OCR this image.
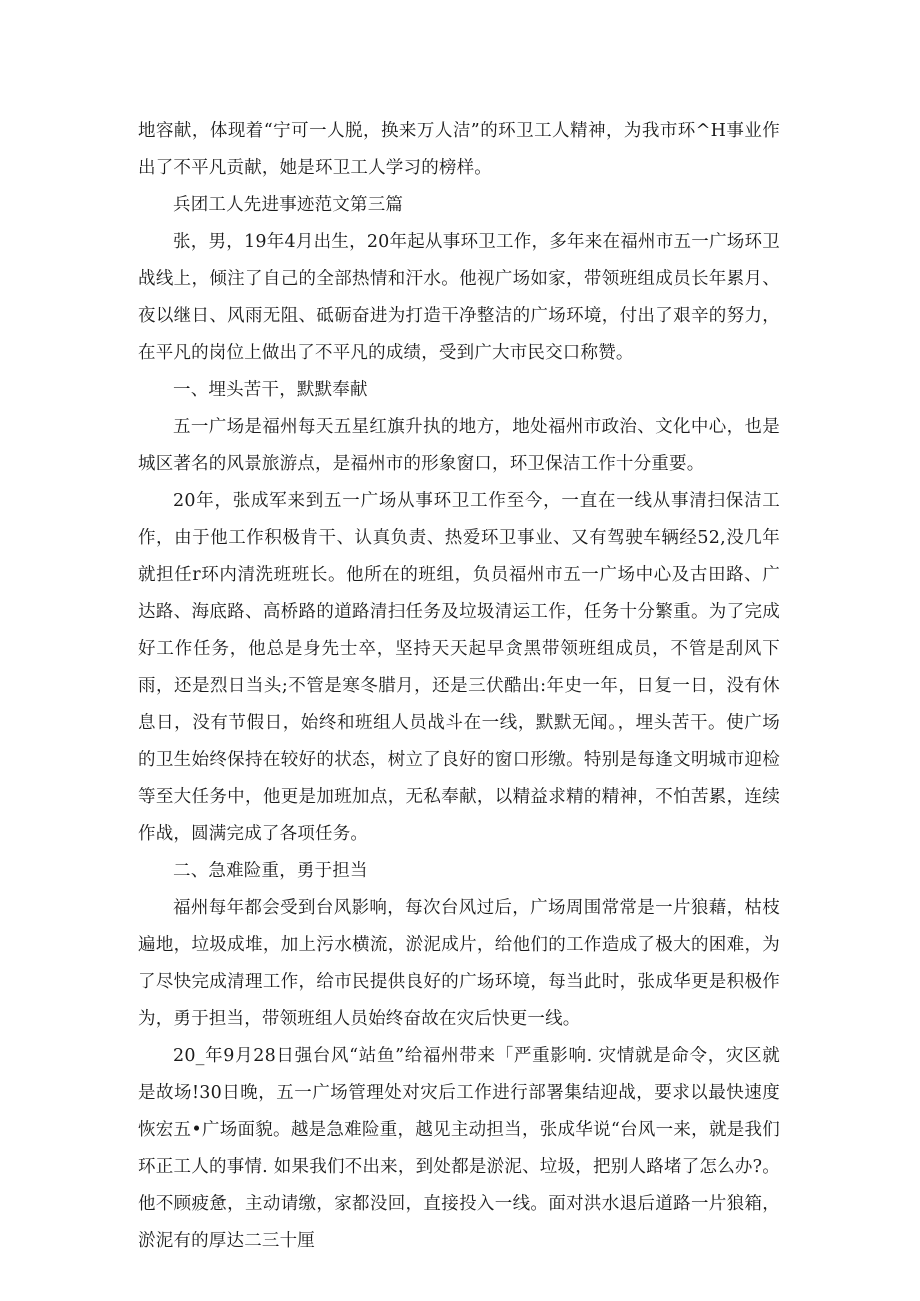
地容献，体现着“宁可一人脱，换来万人洁”的环卫工人精神，为我市环^H事业作出了不平凡贡献，她是环卫工人学习的榜样。

兵团工人先进事迹范文第三篇

张，男，19年4月出生，20年起从事环卫工作，多年来在福州市五一广场环卫战线上，倾注了自己的全部热情和汗水。他视广场如家，带领班组成员长年累月、夜以继日、风雨无阻、砥砺奋进为打造干净整洁的广场环境，付出了艰辛的努力，在平凡的岗位上做出了不平凡的成绩，受到广大市民交口称赞。

一、埋头苦干，默默奉献

五一广场是福州每天五星红旗升执的地方，地处福州市政治、文化中心，也是城区著名的风景旅游点，是福州市的形象窗口，环卫保洁工作十分重要。

20年，张成军来到五一广场从事环卫工作至今，一直在一线从事清扫保洁工作，由于他工作积极肯干、认真负责、热爱环卫事业、又有驾驶车辆经52,没几年就担任r环内清洗班班长。他所在的班组，负员福州市五一广场中心及古田路、广达路、海底路、高桥路的道路清扫任务及垃圾清运工作，任务十分繁重。为了完成好工作任务，他总是身先士卒，坚持天天起早贪黑带领班组成员，不管是刮风下雨，还是烈日当头;不管是寒冬腊月，还是三伏酷出:年史一年，日复一日，没有休息日，没有节假日，始终和班组人员战斗在一线，默默无闻。，埋头苦干。使广场的卫生始终保持在较好的状态，树立了良好的窗口形缴。特别是每逢文明城市迎检等至大任务中，他更是加班加点，无私奉献，以精益求精的精神，不怕苦累，连续作战，圆满完成了各项任务。

二、急难险重，勇于担当

福州每年都会受到台风影响，每次台风过后，广场周围常常是一片狼藉，枯枝遍地，垃圾成堆，加上污水横流，淤泥成片，给他们的工作造成了极大的困难，为了尽快完成清理工作，给市民提供良好的广场环境，每当此时，张成华更是积极作为，勇于担当，带领班组人员始终奋故在灾后快更一线。

20_年9月28日强台风“站鱼”给福州带来「严重影响. 灾情就是命令，灾区就是故场!30日晚，五一广场管理处对灾后工作进行部署集结迎战，要求以最快速度恢宏五•广场面貌。越是急难险重，越见主动担当，张成华说“台风一来，就是我们环正工人的事情. 如果我们不出来，到处都是淤泥、垃圾，把别人路堵了怎么办?。他不顾疲惫，主动请缴，家都没回，直接投入一线。面对洪水退后道路一片狼箱，淤泥有的厚达二三十厘
